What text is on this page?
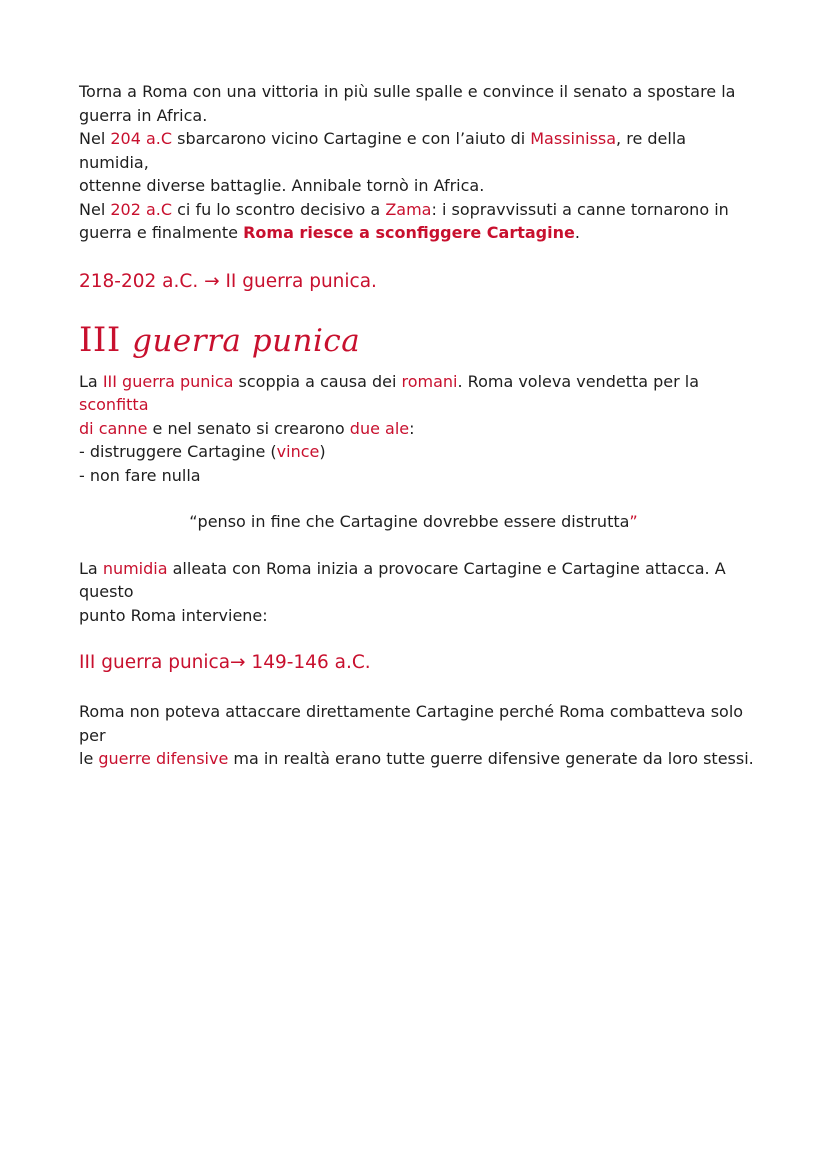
Torna a Roma con una vittoria in più sulle spalle e convince il senato a spostare la

guerra in Africa.

Nel 204 a.C sbarcarono vicino Cartagine e con l’aiuto di Massinissa, re della numidia,

ottenne diverse battaglie. Annibale tornò in Africa.

Nel 202 a.C ci fu lo scontro decisivo a Zama: i sopravvissuti a canne tornarono in

guerra e finalmente Roma riesce a sconfiggere Cartagine.

218-202 a.C. → II guerra punica.

III guerra punica

La III guerra punica scoppia a causa dei romani. Roma voleva vendetta per la sconfitta

di canne e nel senato si crearono due ale:

- distruggere Cartagine (vince)

- non fare nulla

“penso in fine che Cartagine dovrebbe essere distrutta”

La numidia alleata con Roma inizia a provocare Cartagine e Cartagine attacca. A questo

punto Roma interviene:

III guerra punica→ 149-146 a.C.

Roma non poteva attaccare direttamente Cartagine perché Roma combatteva solo per

le guerre difensive ma in realtà erano tutte guerre difensive generate da loro stessi.
